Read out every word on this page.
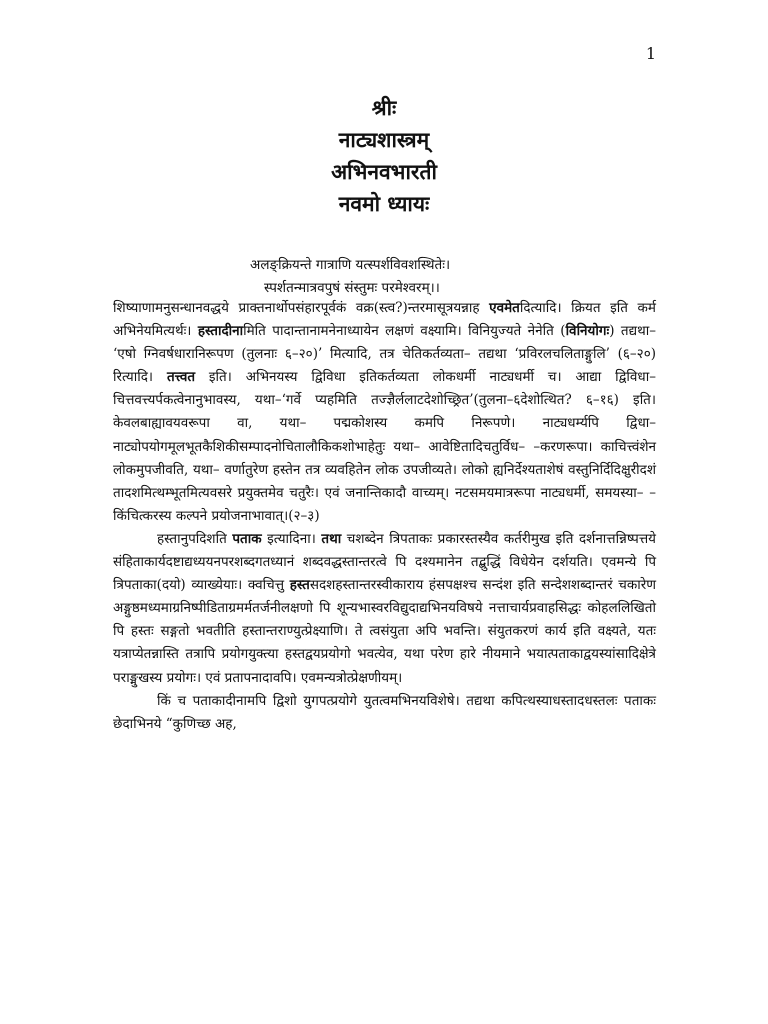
1

श्रीः

नाट्यशास्त्रम्

अभिनवभारती

नवमो ध्यायः

अलङ्क्रियन्ते गात्राणि यत्स्पर्शविवशस्थितेः।
स्पर्शतन्मात्रवपुषं संस्तुमः परमेश्वरम्।।

शिष्याणामनुसन्धानवद्धये प्राक्तनार्थोपसंहारपूर्वकं वक्र(स्त्व?)न्तरमासूत्रयन्नाह एवमेतदित्यादि। क्रियत इति कर्म अभिनेयमित्यर्थः। हस्तादीनामिति पादान्तानामनेनाध्यायेन लक्षणं वक्ष्यामि। विनियुज्यते नेनेति (विनियोगः) तद्यथा– ‘एषो ग्निवर्षधारानिरूपण (तुलनाः ६–२०)’ मित्यादि, तत्र चेतिकर्तव्यता– तद्यथा ‘प्रविरलचलिताङ्गुलि’ (६–२०) रित्यादि। तत्त्वत इति। अभिनयस्य द्विविधा इतिकर्तव्यता लोकधर्मी नाट्यधर्मी च। आद्या द्विविधा– चित्तवत्त्यर्पकत्वेनानुभावस्य, यथा–‘गर्वे प्यहमिति तज्ज्ञैर्ललाटदेशोच्छ्रित’(तुलना–६देशोत्थित? ६–१६) इति। केवलबाह्यावयवरूपा वा, यथा– पद्मकोशस्य कमपि निरूपणे। नाट्यधर्म्यपि द्विधा– नाट्योपयोगमूलभूतकैशिकीसम्पादनोचितालौकिकशोभाहेतुः यथा– आवेष्टितादिचतुर्विध– –करणरूपा। काचित्त्वंशेन लोकमुपजीवति, यथा– वर्णातुरेण हस्तेन तत्र व्यवहितेन लोक उपजीव्यते। लोको ह्यनिर्देश्यताशेषं वस्तुनिर्दिदिक्षुरीदशं तादशमित्थम्भूतमित्यवसरे प्रयुक्तमेव चतुरैः। एवं जनान्तिकादौ वाच्यम्। नटसमयमात्ररूपा नाट्यधर्मी, समयस्या– –किंचित्करस्य कल्पने प्रयोजनाभावात्।(२–३)

हस्तानुपदिशति पताक इत्यादिना। तथा चशब्देन त्रिपताकः प्रकारस्तस्यैव कर्तरीमुख इति दर्शनात्तन्निष्पत्तये संहिताकार्यदष्टाद्यध्ययनपरशब्दगतध्यानं शब्दवद्धस्तान्तरत्वे पि दश्यमानेन तद्बुद्धिं विधेयेन दर्शयति। एवमन्ये पि त्रिपताका(दयो) व्याख्येयाः। क्वचित्तु हस्तसदशहस्तान्तरस्वीकाराय हंसपक्षश्च सन्दंश इति सन्देशशब्दान्तरं चकारेण अङ्गुष्ठमध्यमाग्रनिष्पीडिताग्रमर्मतर्जनीलक्षणो पि शून्यभास्वरविद्युदाद्यभिनयविषये नत्ताचार्यप्रवाहसिद्धः कोहललिखितो पि हस्तः सङ्गतो भवतीति हस्तान्तराण्युत्प्रेक्ष्याणि। ते त्वसंयुता अपि भवन्ति। संयुतकरणं कार्य इति वक्ष्यते, यतः यत्राप्येतन्नास्ति तत्रापि प्रयोगयुक्त्या हस्तद्वयप्रयोगो भवत्येव, यथा परेण हारे नीयमाने भयात्पताकाद्वयस्यांसादिक्षेत्रे पराङ्मुखस्य प्रयोगः। एवं प्रतापनादावपि। एवमन्यत्रोत्प्रेक्षणीयम्।

किं च पताकादीनामपि द्विशो युगपत्प्रयोगे युतत्वमभिनयविशेषे। तद्यथा कपित्थस्याधस्तादधस्तलः पताकः छेदाभिनये “कुणिच्छ अह,
